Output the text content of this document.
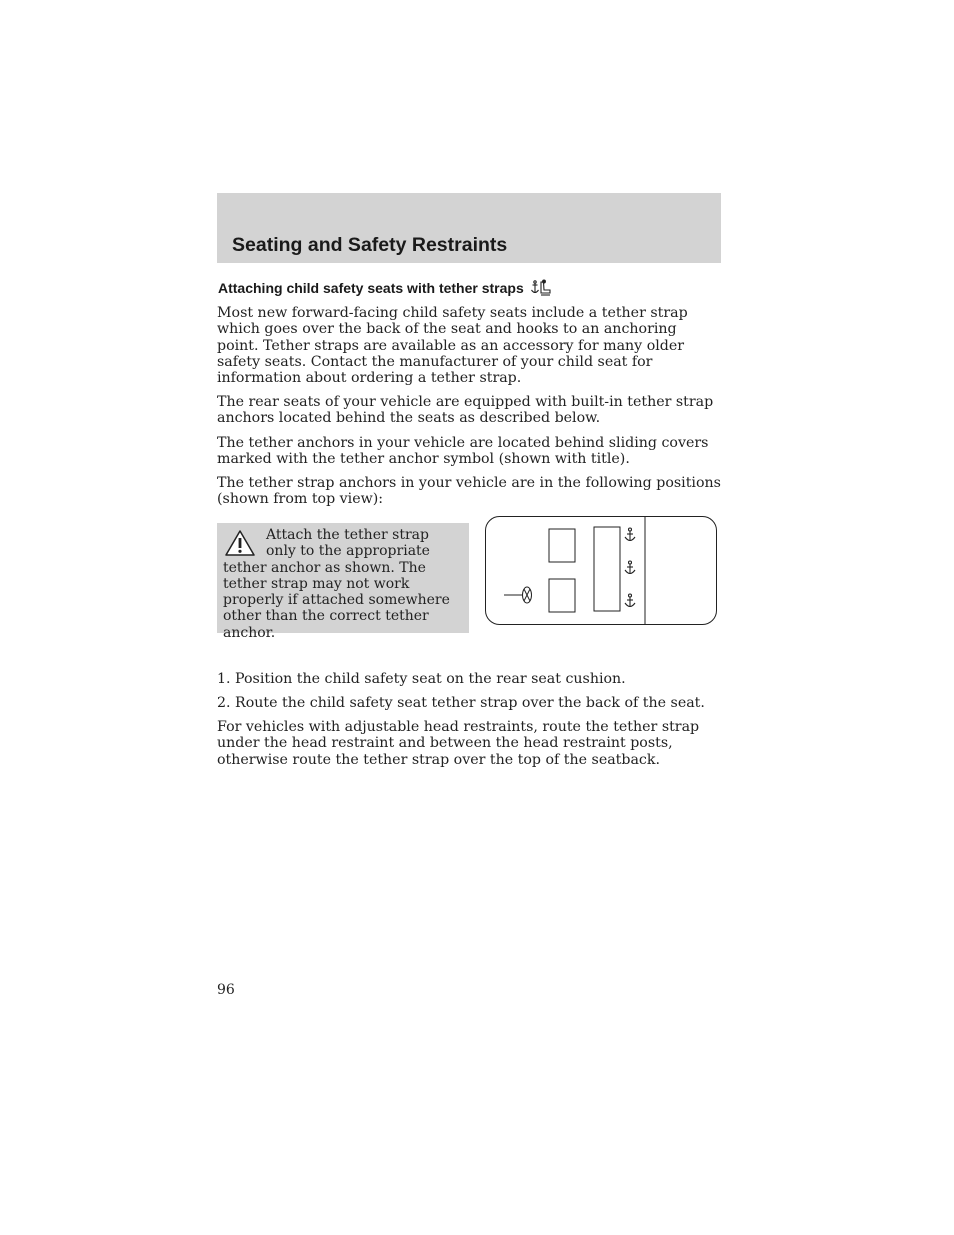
Seating and Safety Restraints
Attaching child safety seats with tether straps

Most new forward-facing child safety seats include a tether strap which goes over the back of the seat and hooks to an anchoring point. Tether straps are available as an accessory for many older safety seats. Contact the manufacturer of your child seat for information about ordering a tether strap.

The rear seats of your vehicle are equipped with built-in tether strap anchors located behind the seats as described below.

The tether anchors in your vehicle are located behind sliding covers marked with the tether anchor symbol (shown with title).

The tether strap anchors in your vehicle are in the following positions (shown from top view):

Attach the tether strap only to the appropriate tether anchor as shown. The tether strap may not work properly if attached somewhere other than the correct tether anchor.

1. Position the child safety seat on the rear seat cushion.

2. Route the child safety seat tether strap over the back of the seat.

For vehicles with adjustable head restraints, route the tether strap under the head restraint and between the head restraint posts, otherwise route the tether strap over the top of the seatback.

96
